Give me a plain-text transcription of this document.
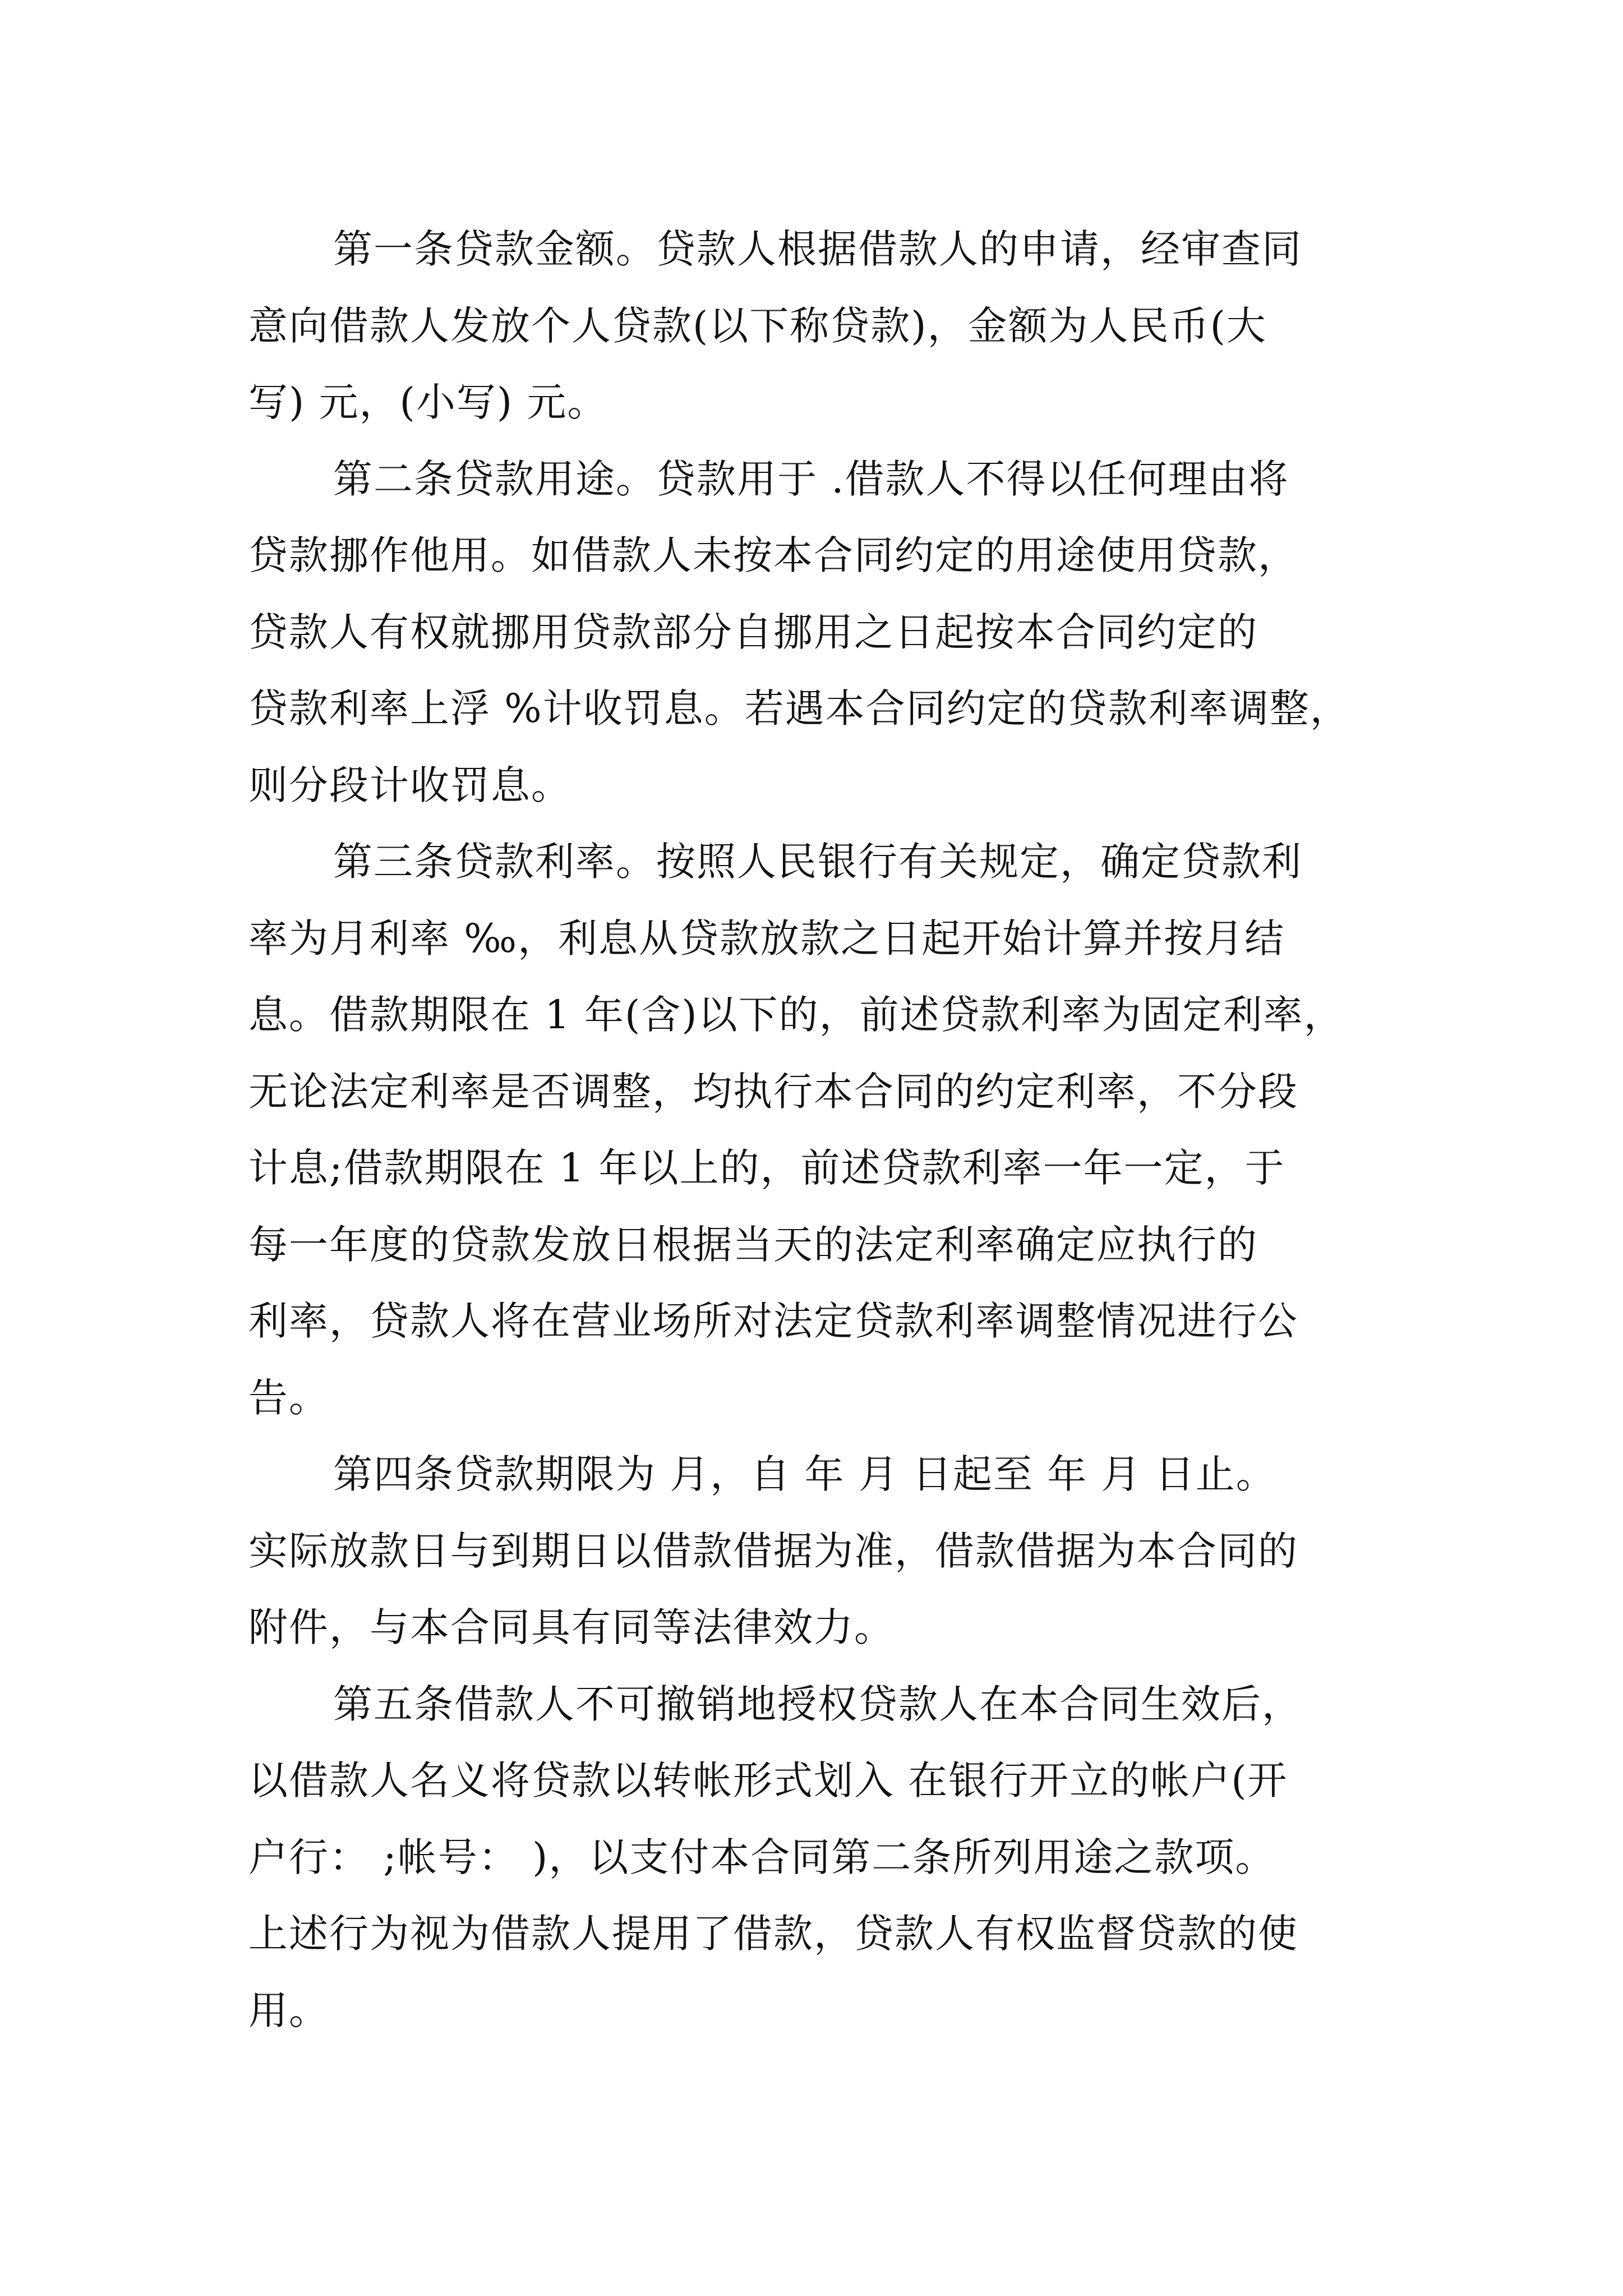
第一条贷款金额。贷款人根据借款人的申请，经审查同
意向借款人发放个人贷款(以下称贷款)，金额为人民币(大
写) 元，(小写) 元。
第二条贷款用途。贷款用于 .借款人不得以任何理由将
贷款挪作他用。如借款人未按本合同约定的用途使用贷款，
贷款人有权就挪用贷款部分自挪用之日起按本合同约定的
贷款利率上浮 %计收罚息。若遇本合同约定的贷款利率调整，
则分段计收罚息。
第三条贷款利率。按照人民银行有关规定，确定贷款利
率为月利率 ‰，利息从贷款放款之日起开始计算并按月结
息。借款期限在 1 年(含)以下的，前述贷款利率为固定利率，
无论法定利率是否调整，均执行本合同的约定利率，不分段
计息;借款期限在 1 年以上的，前述贷款利率一年一定，于
每一年度的贷款发放日根据当天的法定利率确定应执行的
利率，贷款人将在营业场所对法定贷款利率调整情况进行公
告。
第四条贷款期限为 月，自 年 月 日起至 年 月 日止。
实际放款日与到期日以借款借据为准，借款借据为本合同的
附件，与本合同具有同等法律效力。
第五条借款人不可撤销地授权贷款人在本合同生效后，
以借款人名义将贷款以转帐形式划入 在银行开立的帐户(开
户行： ;帐号： )，以支付本合同第二条所列用途之款项。
上述行为视为借款人提用了借款，贷款人有权监督贷款的使
用。
